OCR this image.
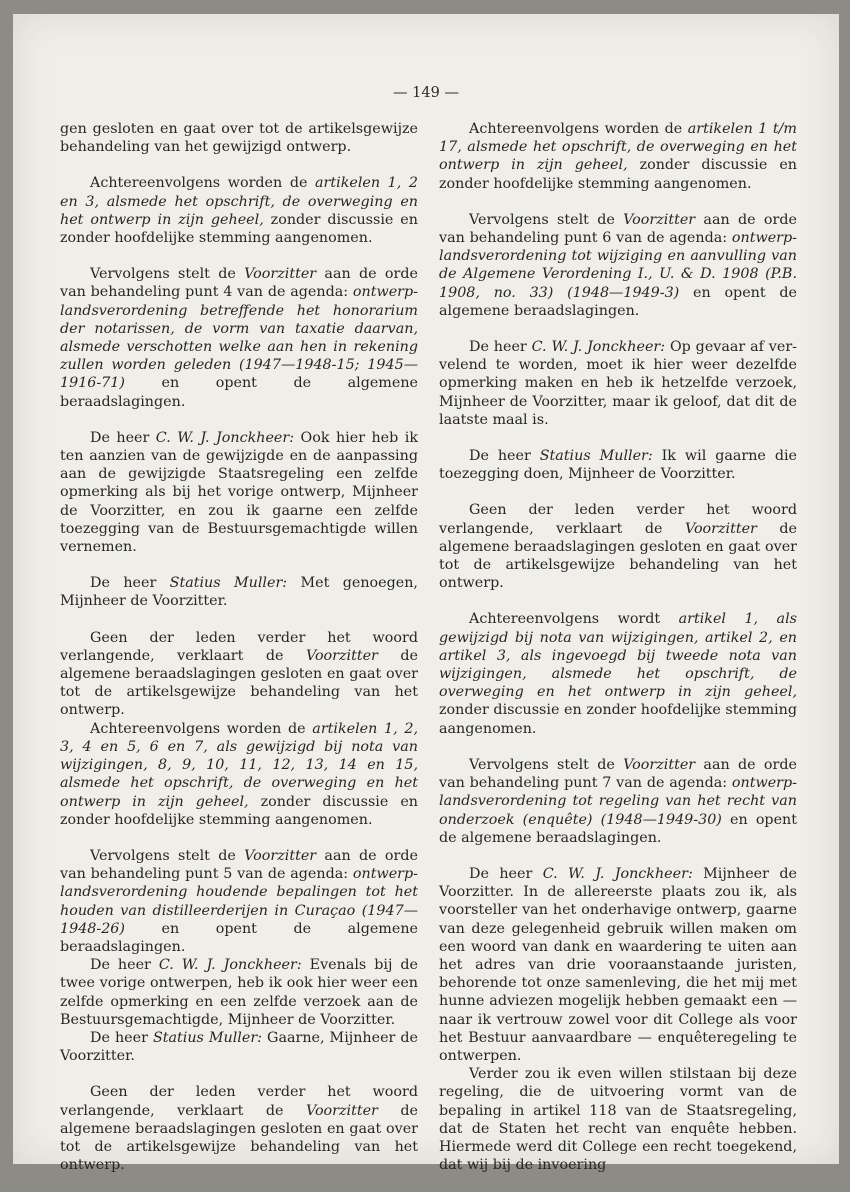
— 149 —

gen gesloten en gaat over tot de artikelsgewijze behandeling van het gewijzigd ontwerp.

Achtereenvolgens worden de artikelen 1, 2 en 3, alsmede het opschrift, de overweging en het ontwerp in zijn geheel, zonder discussie en zonder hoofdelijke stemming aangenomen.

Vervolgens stelt de Voorzitter aan de orde van behandeling punt 4 van de agenda: ontwerp-landsverordening betreffende het honorarium der notarissen, de vorm van taxatie daarvan, alsmede verschotten welke aan hen in rekening zullen worden geleden (1947—1948-15; 1945—1916-71) en opent de algemene beraadslagingen.

De heer C. W. J. Jonckheer: Ook hier heb ik ten aanzien van de gewijzigde en de aanpassing aan de gewijzigde Staatsregeling een zelfde opmerking als bij het vorige ontwerp, Mijnheer de Voorzitter, en zou ik gaarne een zelfde toezegging van de Bestuursgemachtigde willen vernemen.

De heer Statius Muller: Met genoegen, Mijnheer de Voorzitter.

Geen der leden verder het woord verlangende, verklaart de Voorzitter de algemene beraadslagingen gesloten en gaat over tot de artikelsgewijze behandeling van het ontwerp.

Achtereenvolgens worden de artikelen 1, 2, 3, 4 en 5, 6 en 7, als gewijzigd bij nota van wijzigingen, 8, 9, 10, 11, 12, 13, 14 en 15, alsmede het opschrift, de overweging en het ontwerp in zijn geheel, zonder discussie en zonder hoofdelijke stemming aangenomen.

Vervolgens stelt de Voorzitter aan de orde van behandeling punt 5 van de agenda: ontwerp-landsverordening houdende bepalingen tot het houden van distilleerderijen in Curaçao (1947—1948-26) en opent de algemene beraadslagingen.

De heer C. W. J. Jonckheer: Evenals bij de twee vorige ontwerpen, heb ik ook hier weer een zelfde opmerking en een zelfde verzoek aan de Bestuursgemachtigde, Mijnheer de Voorzitter.

De heer Statius Muller: Gaarne, Mijnheer de Voorzitter.

Geen der leden verder het woord verlangende, verklaart de Voorzitter de algemene beraadslagingen gesloten en gaat over tot de artikelsgewijze behandeling van het ontwerp.

Achtereenvolgens worden de artikelen 1 t/m 17, alsmede het opschrift, de overweging en het ontwerp in zijn geheel, zonder discussie en zonder hoofdelijke stemming aangenomen.

Vervolgens stelt de Voorzitter aan de orde van behandeling punt 6 van de agenda: ontwerp-landsverordening tot wijziging en aanvulling van de Algemene Verordening I., U. & D. 1908 (P.B. 1908, no. 33) (1948—1949-3) en opent de algemene beraadslagingen.

De heer C. W. J. Jonckheer: Op gevaar af vervelend te worden, moet ik hier weer dezelfde opmerking maken en heb ik hetzelfde verzoek, Mijnheer de Voorzitter, maar ik geloof, dat dit de laatste maal is.

De heer Statius Muller: Ik wil gaarne die toezegging doen, Mijnheer de Voorzitter.

Geen der leden verder het woord verlangende, verklaart de Voorzitter de algemene beraadslagingen gesloten en gaat over tot de artikelsgewijze behandeling van het ontwerp.

Achtereenvolgens wordt artikel 1, als gewijzigd bij nota van wijzigingen, artikel 2, en artikel 3, als ingevoegd bij tweede nota van wijzigingen, alsmede het opschrift, de overweging en het ontwerp in zijn geheel, zonder discussie en zonder hoofdelijke stemming aangenomen.

Vervolgens stelt de Voorzitter aan de orde van behandeling punt 7 van de agenda: ontwerp-landsverordening tot regeling van het recht van onderzoek (enquête) (1948—1949-30) en opent de algemene beraadslagingen.

De heer C. W. J. Jonckheer: Mijnheer de Voorzitter. In de allereerste plaats zou ik, als voorsteller van het onderhavige ontwerp, gaarne van deze gelegenheid gebruik willen maken om een woord van dank en waardering te uiten aan het adres van drie vooraanstaande juristen, behorende tot onze samenleving, die het mij met hunne adviezen mogelijk hebben gemaakt een — naar ik vertrouw zowel voor dit College als voor het Bestuur aanvaardbare — enquêteregeling te ontwerpen.

Verder zou ik even willen stilstaan bij deze regeling, die de uitvoering vormt van de bepaling in artikel 118 van de Staatsregeling, dat de Staten het recht van enquête hebben. Hiermede werd dit College een recht toegekend, dat wij bij de invoering
